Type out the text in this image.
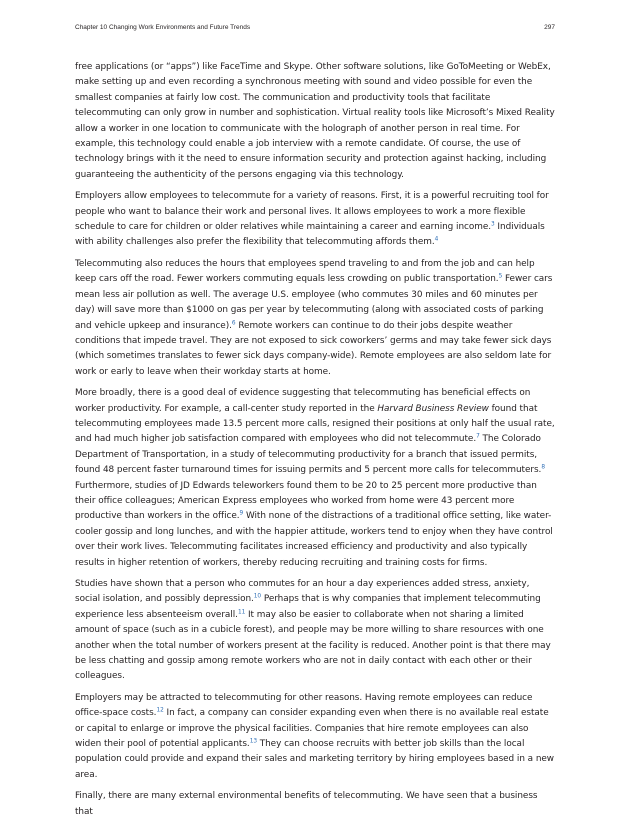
Chapter 10 Changing Work Environments and Future Trends	297

free applications (or “apps”) like FaceTime and Skype. Other software solutions, like GoToMeeting or WebEx, make setting up and even recording a synchronous meeting with sound and video possible for even the smallest companies at fairly low cost. The communication and productivity tools that facilitate telecommuting can only grow in number and sophistication. Virtual reality tools like Microsoft’s Mixed Reality allow a worker in one location to communicate with the holograph of another person in real time. For example, this technology could enable a job interview with a remote candidate. Of course, the use of technology brings with it the need to ensure information security and protection against hacking, including guaranteeing the authenticity of the persons engaging via this technology.

Employers allow employees to telecommute for a variety of reasons. First, it is a powerful recruiting tool for people who want to balance their work and personal lives. It allows employees to work a more flexible schedule to care for children or older relatives while maintaining a career and earning income.$^3$ Individuals with ability challenges also prefer the flexibility that telecommuting affords them.$^4$

Telecommuting also reduces the hours that employees spend traveling to and from the job and can help keep cars off the road. Fewer workers commuting equals less crowding on public transportation.$^5$ Fewer cars mean less air pollution as well. The average U.S. employee (who commutes 30 miles and 60 minutes per day) will save more than $1000 on gas per year by telecommuting (along with associated costs of parking and vehicle upkeep and insurance).$^6$ Remote workers can continue to do their jobs despite weather conditions that impede travel. They are not exposed to sick coworkers’ germs and may take fewer sick days (which sometimes translates to fewer sick days company-wide). Remote employees are also seldom late for work or early to leave when their workday starts at home.

More broadly, there is a good deal of evidence suggesting that telecommuting has beneficial effects on worker productivity. For example, a call-center study reported in the Harvard Business Review found that telecommuting employees made 13.5 percent more calls, resigned their positions at only half the usual rate, and had much higher job satisfaction compared with employees who did not telecommute.$^7$ The Colorado Department of Transportation, in a study of telecommuting productivity for a branch that issued permits, found 48 percent faster turnaround times for issuing permits and 5 percent more calls for telecommuters.$^8$ Furthermore, studies of JD Edwards teleworkers found them to be 20 to 25 percent more productive than their office colleagues; American Express employees who worked from home were 43 percent more productive than workers in the office.$^9$ With none of the distractions of a traditional office setting, like water-cooler gossip and long lunches, and with the happier attitude, workers tend to enjoy when they have control over their work lives. Telecommuting facilitates increased efficiency and productivity and also typically results in higher retention of workers, thereby reducing recruiting and training costs for firms.

Studies have shown that a person who commutes for an hour a day experiences added stress, anxiety, social isolation, and possibly depression.$^{10}$ Perhaps that is why companies that implement telecommuting experience less absenteeism overall.$^{11}$ It may also be easier to collaborate when not sharing a limited amount of space (such as in a cubicle forest), and people may be more willing to share resources with one another when the total number of workers present at the facility is reduced. Another point is that there may be less chatting and gossip among remote workers who are not in daily contact with each other or their colleagues.

Employers may be attracted to telecommuting for other reasons. Having remote employees can reduce office-space costs.$^{12}$ In fact, a company can consider expanding even when there is no available real estate or capital to enlarge or improve the physical facilities. Companies that hire remote employees can also widen their pool of potential applicants.$^{13}$ They can choose recruits with better job skills than the local population could provide and expand their sales and marketing territory by hiring employees based in a new area.

Finally, there are many external environmental benefits of telecommuting. We have seen that a business that
